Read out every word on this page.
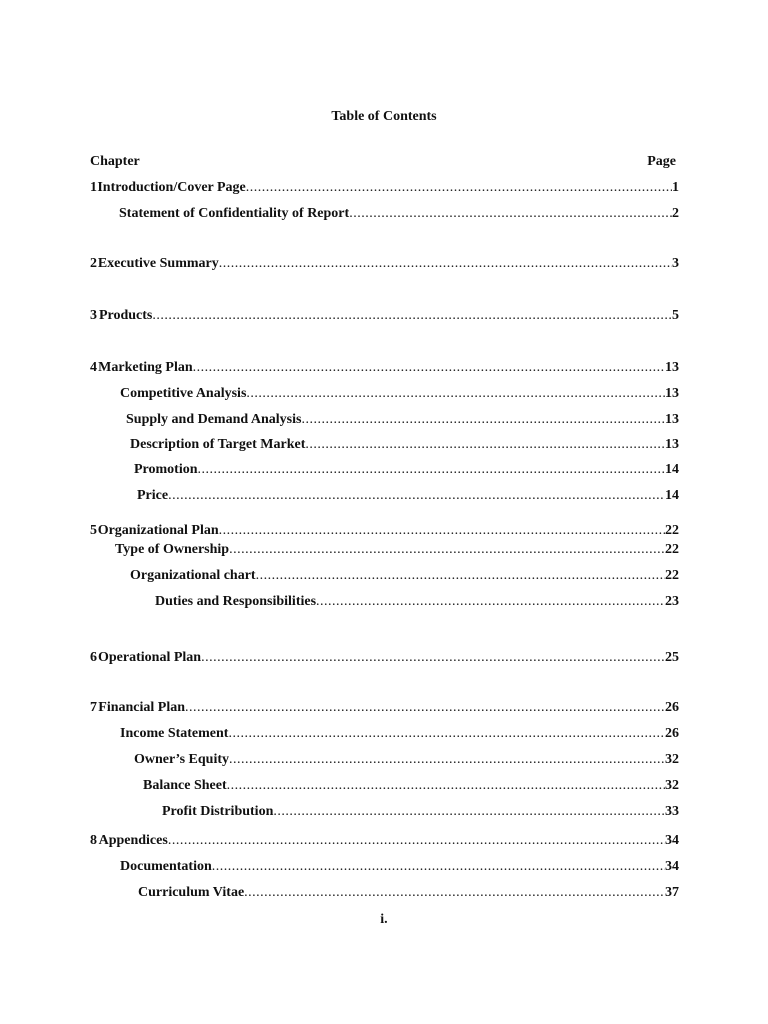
Table of Contents
Chapter	Page
1 Introduction/Cover Page .....	1
Statement of Confidentiality of Report .....	2
2 Executive Summary .....	3
3 Products .....	5
4 Marketing Plan .....	13
Competitive Analysis .....	13
Supply and Demand Analysis .....	13
Description of Target Market .....	13
Promotion .....	14
Price .....	14
5 Organizational Plan .....	22
Type of Ownership .....	22
Organizational chart .....	22
Duties and Responsibilities .....	23
6 Operational Plan .....	25
7 Financial Plan .....	26
Income Statement .....	26
Owner’s Equity .....	32
Balance Sheet .....	32
Profit Distribution .....	33
8 Appendices .....	34
Documentation .....	34
Curriculum Vitae .....	37
i.
